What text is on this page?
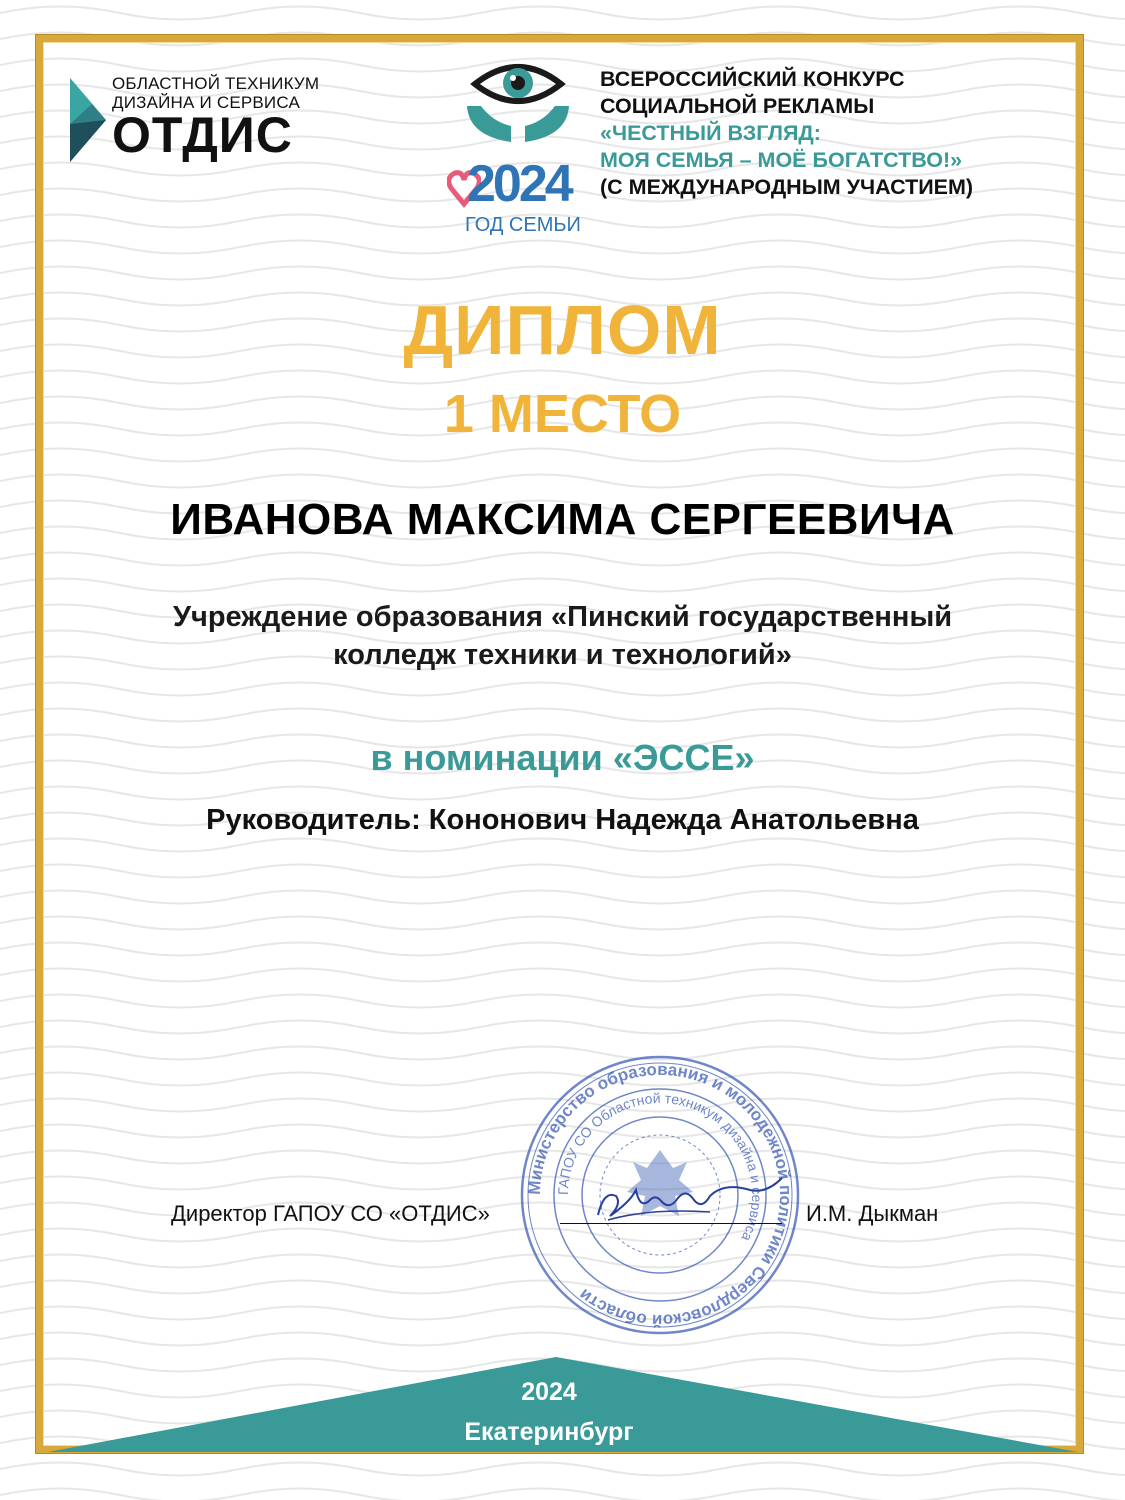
ОБЛАСТНОЙ ТЕХНИКУМ
ДИЗАЙНА И СЕРВИСА
ОТДИС
2024
ГОД СЕМЬИ
ВСЕРОССИЙСКИЙ КОНКУРС
СОЦИАЛЬНОЙ РЕКЛАМЫ
«ЧЕСТНЫЙ ВЗГЛЯД:
МОЯ СЕМЬЯ – МОЁ БОГАТСТВО!»
(С МЕЖДУНАРОДНЫМ УЧАСТИЕМ)
ДИПЛОМ
1 МЕСТО
ИВАНОВА МАКСИМА СЕРГЕЕВИЧА
Учреждение образования «Пинский государственный
колледж техники и технологий»
в номинации «ЭССЕ»
Руководитель: Кононович Надежда Анатольевна
Министерство образования и молодежной политики Свердловской области
ГАПОУ СО Областной техникум дизайна и сервиса
Директор ГАПОУ СО «ОТДИС»	И.М. Дыкман
2024
Екатеринбург
